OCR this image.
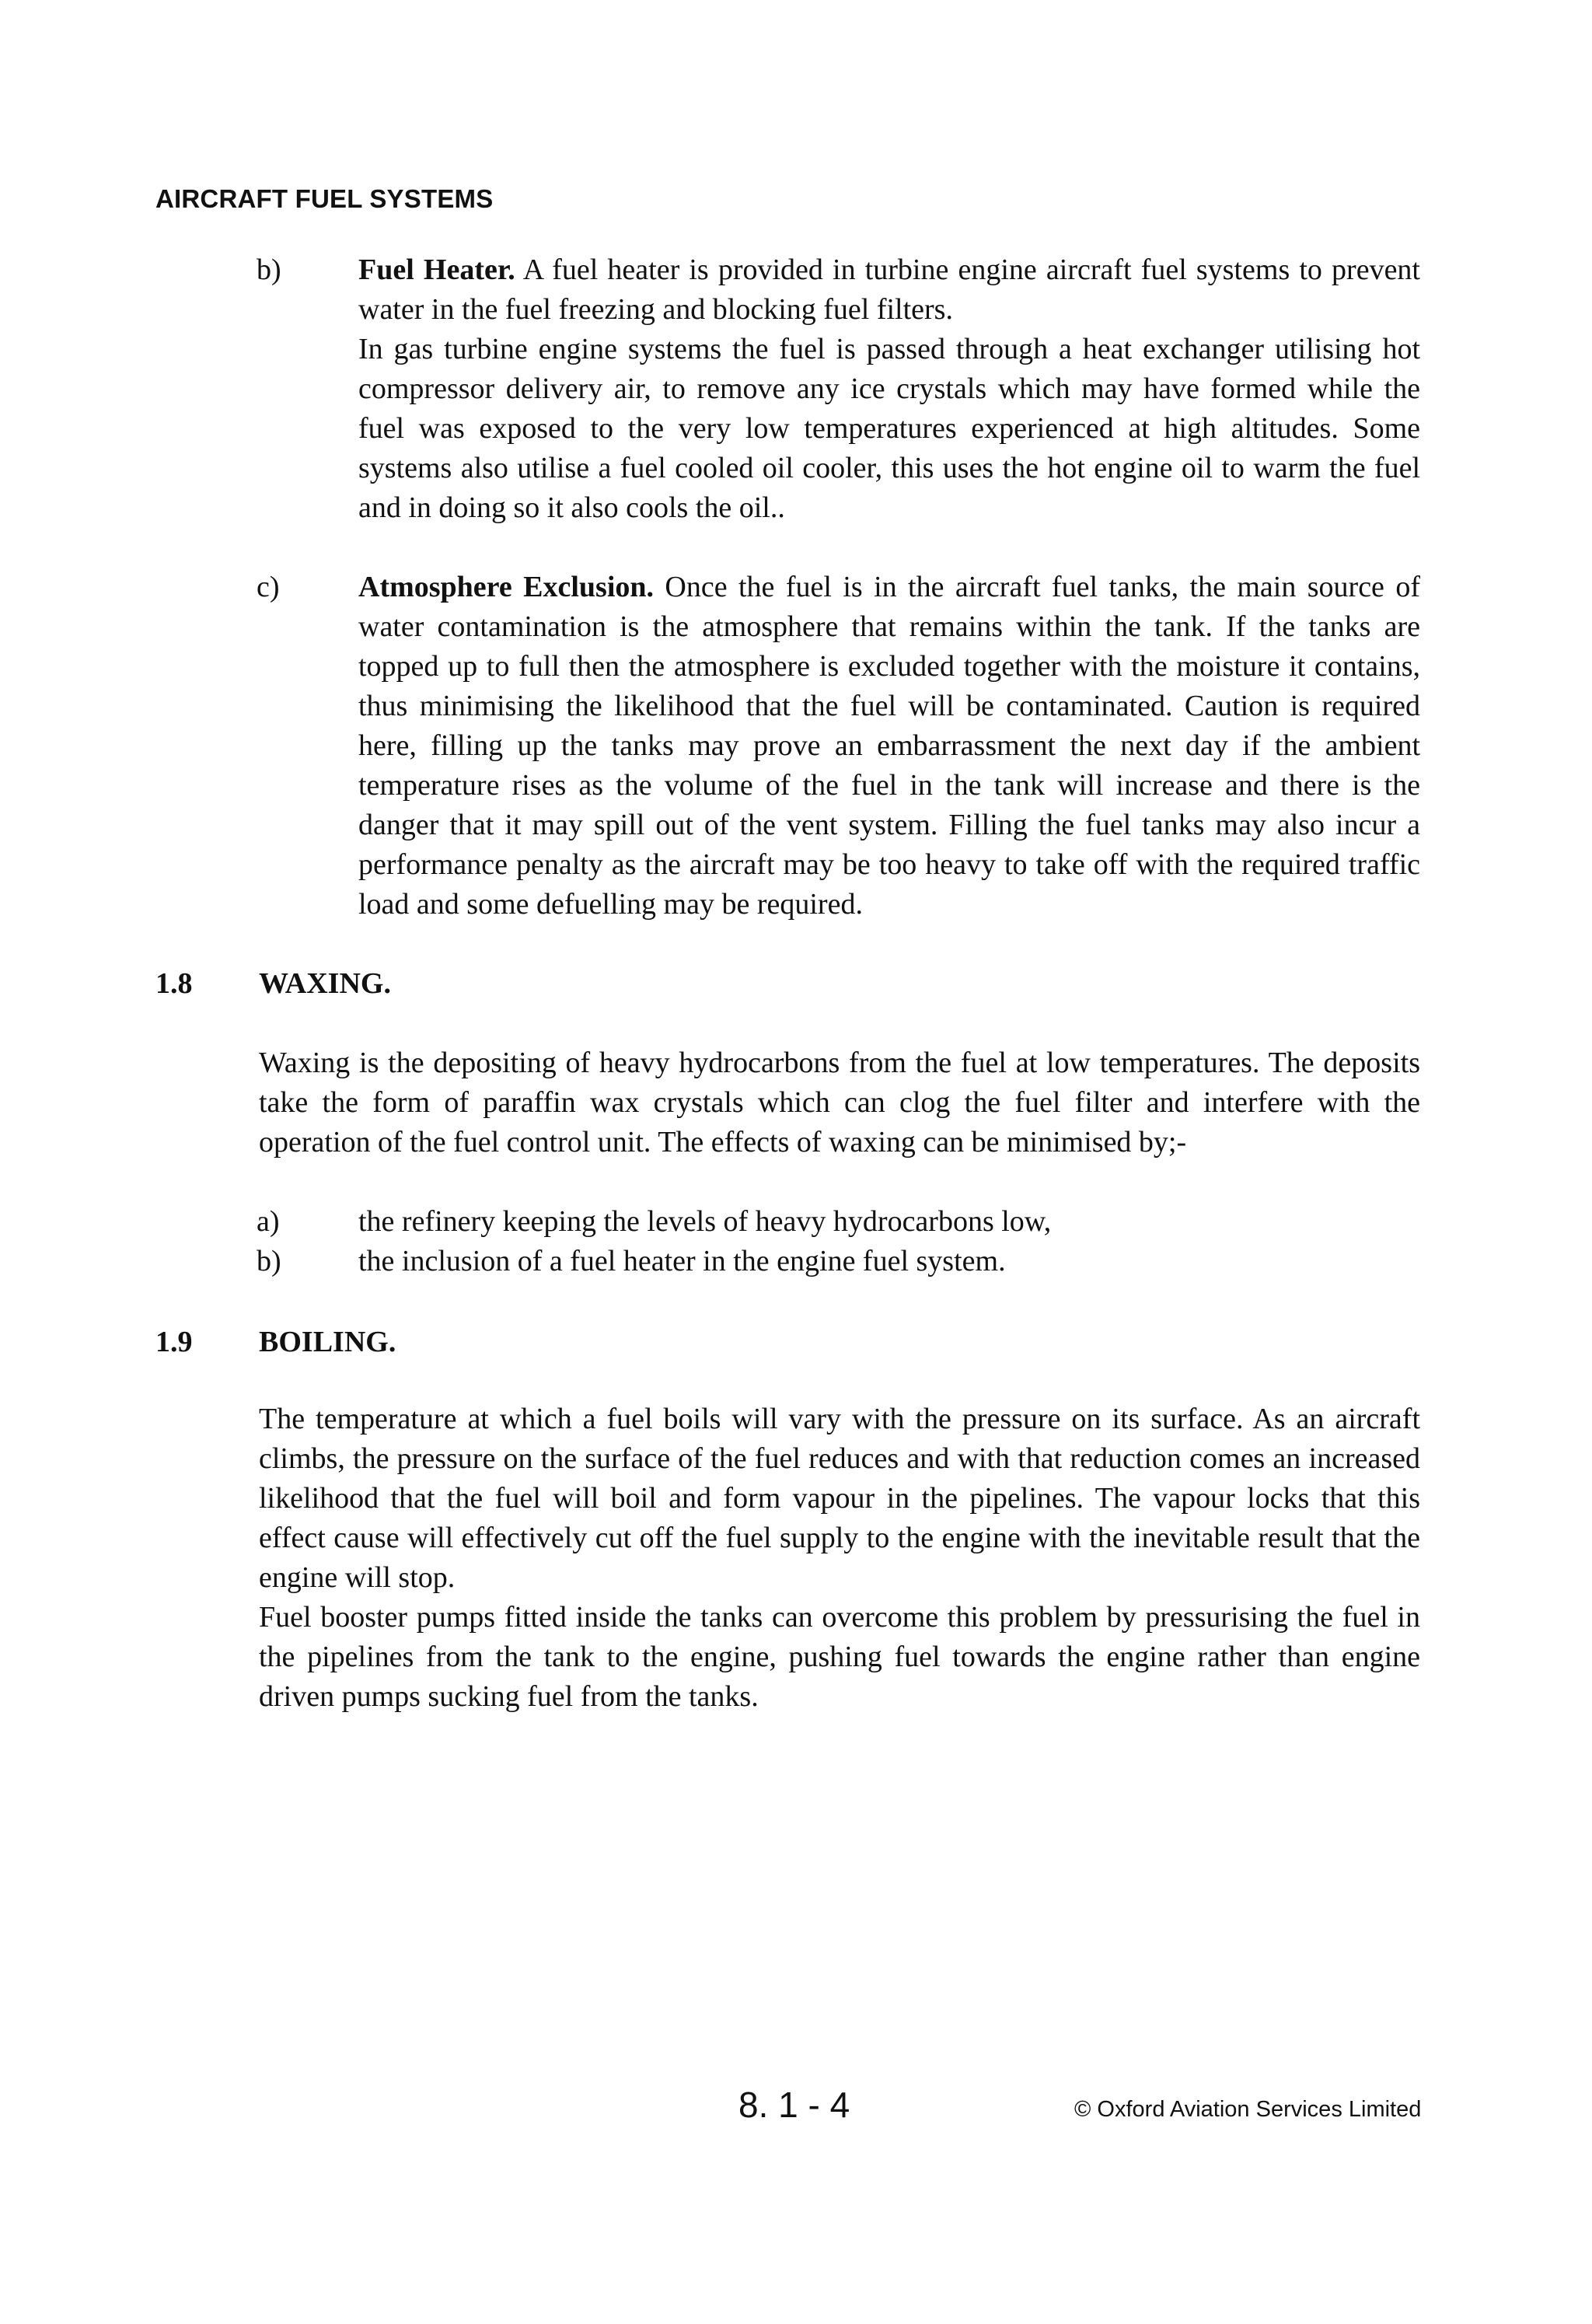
AIRCRAFT FUEL SYSTEMS
b)	Fuel Heater. A fuel heater is provided in turbine engine aircraft fuel systems to prevent water in the fuel freezing and blocking fuel filters.

In gas turbine engine systems the fuel is passed through a heat exchanger utilising hot compressor delivery air, to remove any ice crystals which may have formed while the fuel was exposed to the very low temperatures experienced at high altitudes. Some systems also utilise a fuel cooled oil cooler, this uses the hot engine oil to warm the fuel and in doing so it also cools the oil..

c)	Atmosphere Exclusion. Once the fuel is in the aircraft fuel tanks, the main source of water contamination is the atmosphere that remains within the tank. If the tanks are topped up to full then the atmosphere is excluded together with the moisture it contains, thus minimising the likelihood that the fuel will be contaminated. Caution is required here, filling up the tanks may prove an embarrassment the next day if the ambient temperature rises as the volume of the fuel in the tank will increase and there is the danger that it may spill out of the vent system. Filling the fuel tanks may also incur a performance penalty as the aircraft may be too heavy to take off with the required traffic load and some defuelling may be required.

1.8 WAXING.
Waxing is the depositing of heavy hydrocarbons from the fuel at low temperatures. The deposits take the form of paraffin wax crystals which can clog the fuel filter and interfere with the operation of the fuel control unit. The effects of waxing can be minimised by;-
a)	the refinery keeping the levels of heavy hydrocarbons low,
b)	the inclusion of a fuel heater in the engine fuel system.
1.9 BOILING.

The temperature at which a fuel boils will vary with the pressure on its surface. As an aircraft climbs, the pressure on the surface of the fuel reduces and with that reduction comes an increased likelihood that the fuel will boil and form vapour in the pipelines. The vapour locks that this effect cause will effectively cut off the fuel supply to the engine with the inevitable result that the engine will stop.

Fuel booster pumps fitted inside the tanks can overcome this problem by pressurising the fuel in the pipelines from the tank to the engine, pushing fuel towards the engine rather than engine driven pumps sucking fuel from the tanks.

8. 1 - 4	© Oxford Aviation Services Limited
